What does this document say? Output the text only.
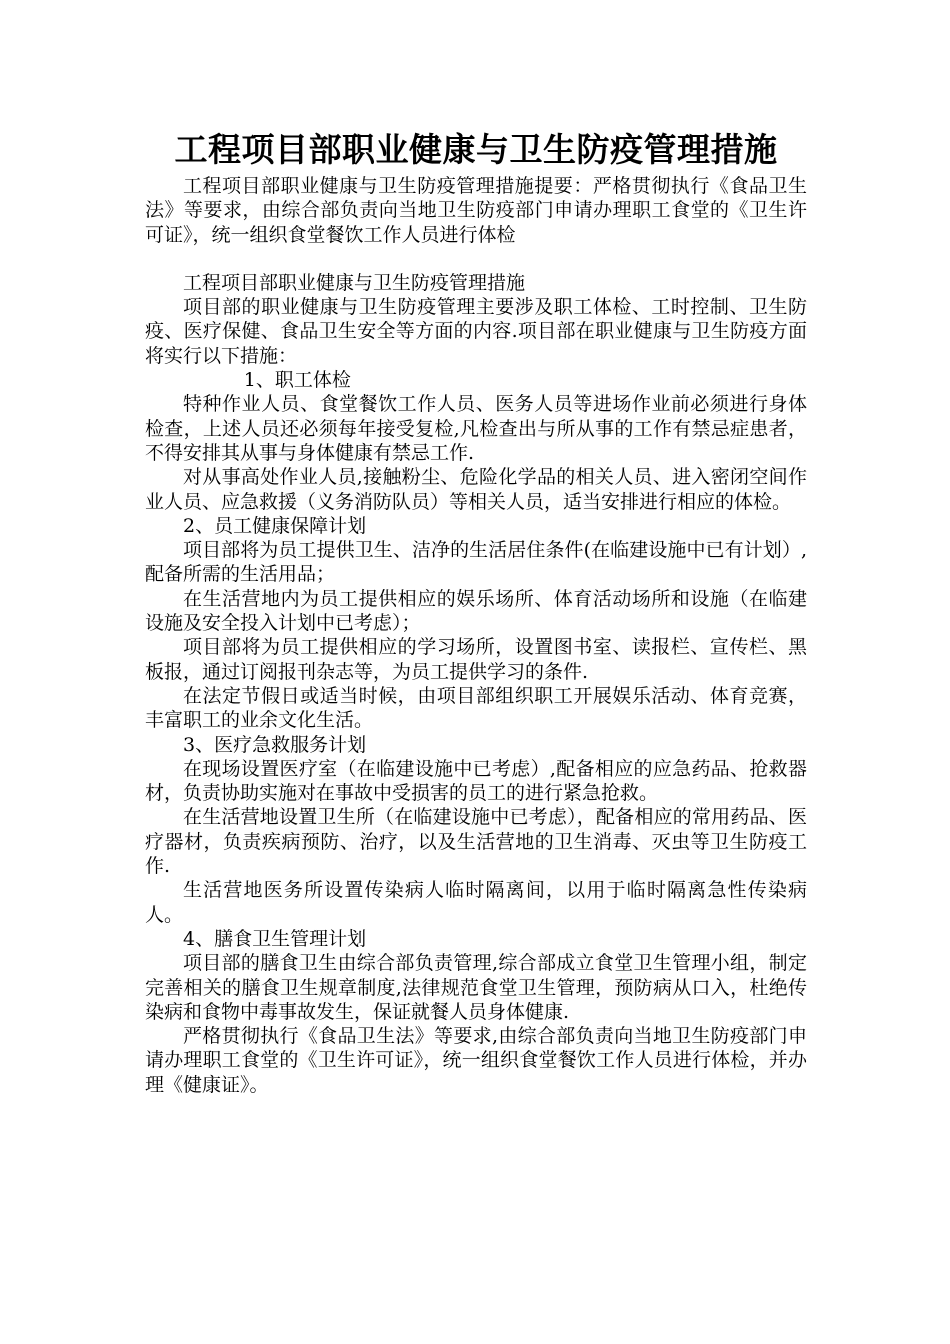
工程项目部职业健康与卫生防疫管理措施

工程项目部职业健康与卫生防疫管理措施提要：严格贯彻执行《食品卫生法》等要求，由综合部负责向当地卫生防疫部门申请办理职工食堂的《卫生许可证》，统一组织食堂餐饮工作人员进行体检

工程项目部职业健康与卫生防疫管理措施

项目部的职业健康与卫生防疫管理主要涉及职工体检、工时控制、卫生防疫、医疗保健、食品卫生安全等方面的内容.项目部在职业健康与卫生防疫方面将实行以下措施：

1、职工体检

特种作业人员、食堂餐饮工作人员、医务人员等进场作业前必须进行身体检查，上述人员还必须每年接受复检,凡检查出与所从事的工作有禁忌症患者，不得安排其从事与身体健康有禁忌工作.

对从事高处作业人员,接触粉尘、危险化学品的相关人员、进入密闭空间作业人员、应急救援（义务消防队员）等相关人员，适当安排进行相应的体检。

2、员工健康保障计划

项目部将为员工提供卫生、洁净的生活居住条件(在临建设施中已有计划）,配备所需的生活用品；

在生活营地内为员工提供相应的娱乐场所、体育活动场所和设施（在临建设施及安全投入计划中已考虑）；

项目部将为员工提供相应的学习场所，设置图书室、读报栏、宣传栏、黑板报，通过订阅报刊杂志等，为员工提供学习的条件.

在法定节假日或适当时候，由项目部组织职工开展娱乐活动、体育竞赛，丰富职工的业余文化生活。

3、医疗急救服务计划

在现场设置医疗室（在临建设施中已考虑）,配备相应的应急药品、抢救器材，负责协助实施对在事故中受损害的员工的进行紧急抢救。

在生活营地设置卫生所（在临建设施中已考虑），配备相应的常用药品、医疗器材，负责疾病预防、治疗，以及生活营地的卫生消毒、灭虫等卫生防疫工作.

生活营地医务所设置传染病人临时隔离间，以用于临时隔离急性传染病人。

4、膳食卫生管理计划

项目部的膳食卫生由综合部负责管理,综合部成立食堂卫生管理小组，制定完善相关的膳食卫生规章制度,法律规范食堂卫生管理，预防病从口入，杜绝传染病和食物中毒事故发生，保证就餐人员身体健康.

严格贯彻执行《食品卫生法》等要求,由综合部负责向当地卫生防疫部门申请办理职工食堂的《卫生许可证》，统一组织食堂餐饮工作人员进行体检，并办理《健康证》。
